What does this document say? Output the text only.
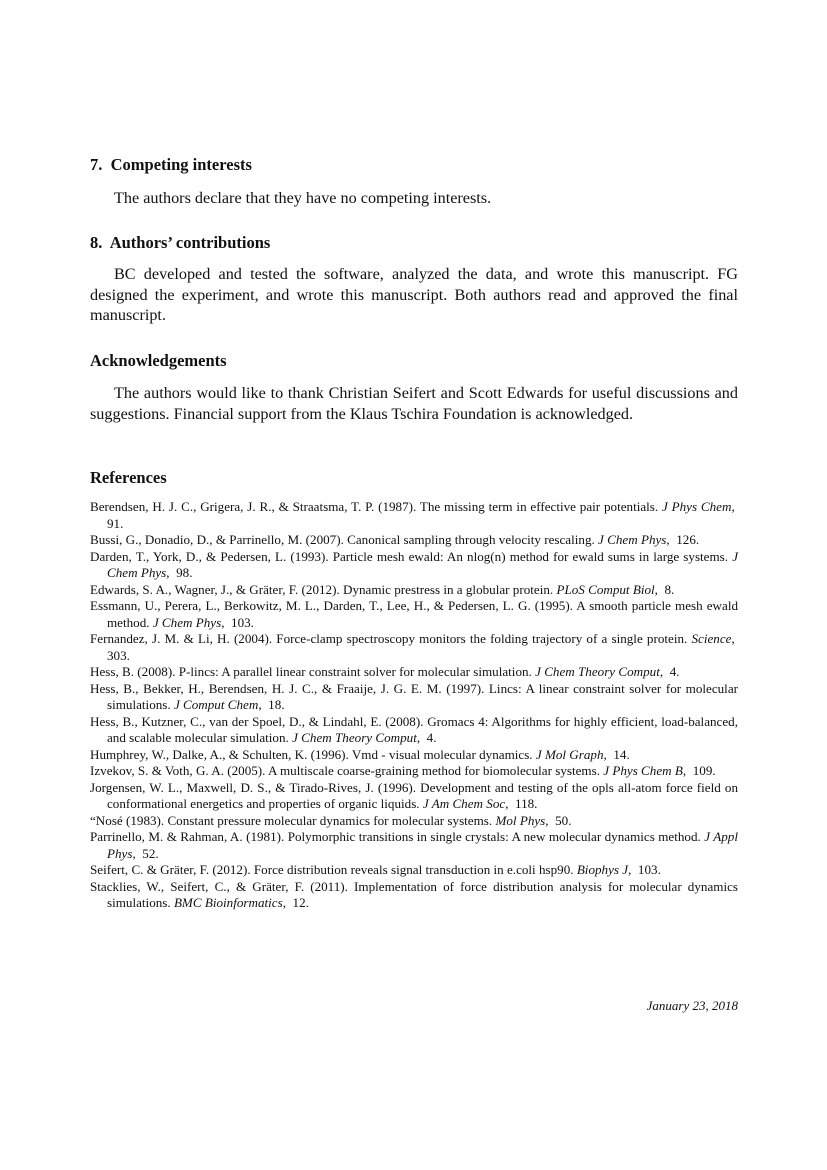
7. Competing interests

The authors declare that they have no competing interests.

8. Authors’ contributions

BC developed and tested the software, analyzed the data, and wrote this manuscript. FG designed the experiment, and wrote this manuscript. Both authors read and approved the final manuscript.

Acknowledgements

The authors would like to thank Christian Seifert and Scott Edwards for useful discussions and suggestions. Financial support from the Klaus Tschira Foundation is acknowledged.

References
Berendsen, H. J. C., Grigera, J. R., & Straatsma, T. P. (1987). The missing term in effective pair potentials. J Phys Chem,  91.
Bussi, G., Donadio, D., & Parrinello, M. (2007). Canonical sampling through velocity rescaling. J Chem Phys,  126.
Darden, T., York, D., & Pedersen, L. (1993). Particle mesh ewald: An nlog(n) method for ewald sums in large systems. J Chem Phys,  98.
Edwards, S. A., Wagner, J., & Gräter, F. (2012). Dynamic prestress in a globular protein. PLoS Comput Biol,  8.
Essmann, U., Perera, L., Berkowitz, M. L., Darden, T., Lee, H., & Pedersen, L. G. (1995). A smooth particle mesh ewald method. J Chem Phys,  103.
Fernandez, J. M. & Li, H. (2004). Force-clamp spectroscopy monitors the folding trajectory of a single protein. Science,  303.
Hess, B. (2008). P-lincs: A parallel linear constraint solver for molecular simulation. J Chem Theory Comput,  4.
Hess, B., Bekker, H., Berendsen, H. J. C., & Fraaije, J. G. E. M. (1997). Lincs: A linear constraint solver for molecular simulations. J Comput Chem,  18.
Hess, B., Kutzner, C., van der Spoel, D., & Lindahl, E. (2008). Gromacs 4: Algorithms for highly efficient, load-balanced, and scalable molecular simulation. J Chem Theory Comput,  4.
Humphrey, W., Dalke, A., & Schulten, K. (1996). Vmd - visual molecular dynamics. J Mol Graph,  14.
Izvekov, S. & Voth, G. A. (2005). A multiscale coarse-graining method for biomolecular systems. J Phys Chem B,  109.
Jorgensen, W. L., Maxwell, D. S., & Tirado-Rives, J. (1996). Development and testing of the opls all-atom force field on conformational energetics and properties of organic liquids. J Am Chem Soc,  118.
“Nosé (1983). Constant pressure molecular dynamics for molecular systems. Mol Phys,  50.
Parrinello, M. & Rahman, A. (1981). Polymorphic transitions in single crystals: A new molecular dynamics method. J Appl Phys,  52.
Seifert, C. & Gräter, F. (2012). Force distribution reveals signal transduction in e.coli hsp90. Biophys J,  103.
Stacklies, W., Seifert, C., & Gräter, F. (2011). Implementation of force distribution analysis for molecular dynamics simulations. BMC Bioinformatics,  12.
January 23, 2018
